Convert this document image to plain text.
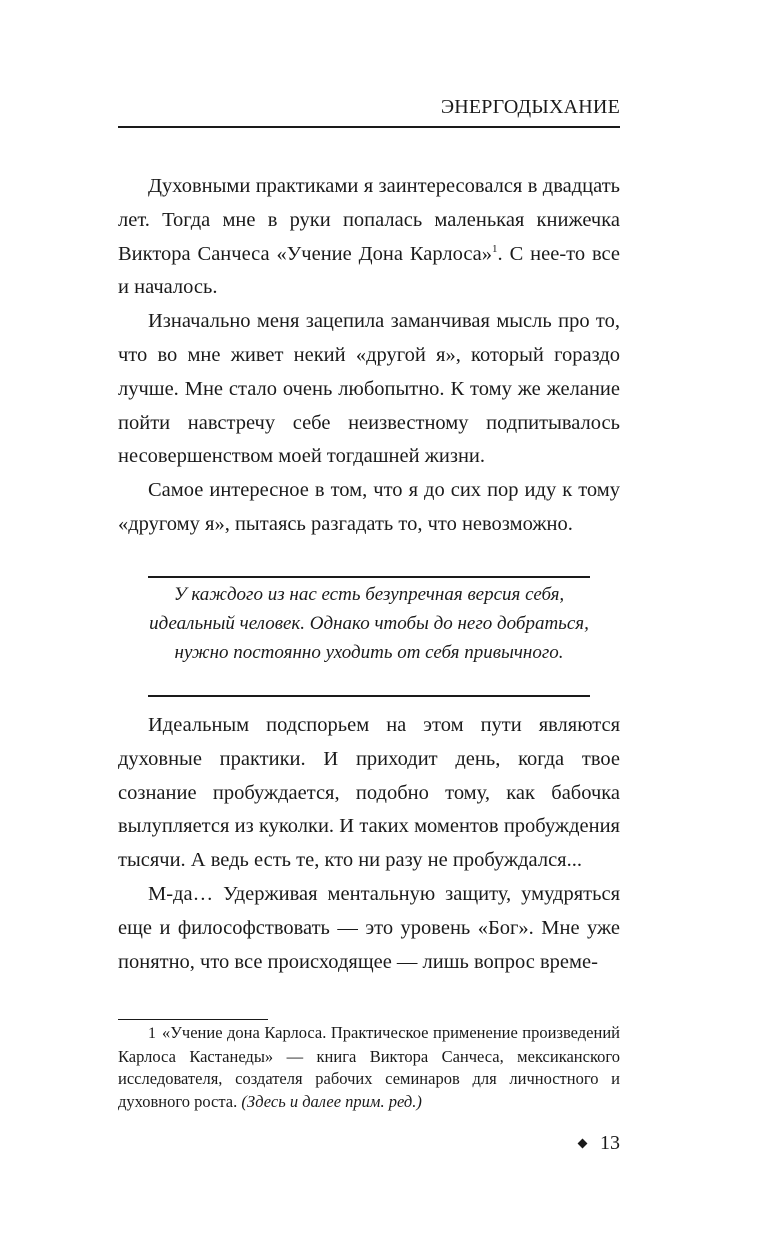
ЭНЕРГОДЫХАНИЕ

Духовными практиками я заинтересовался в двадцать лет. Тогда мне в руки попалась маленькая книжечка Виктора Санчеса «Учение Дона Карлоса»$^1$. С нее-то все и началось.

Изначально меня зацепила заманчивая мысль про то, что во мне живет некий «другой я», который гораздо лучше. Мне стало очень любопытно. К тому же желание пойти навстречу себе неизвестному подпитывалось несовершенством моей тогдашней жизни.

Самое интересное в том, что я до сих пор иду к тому «другому я», пытаясь разгадать то, что невозможно.

У каждого из нас есть безупречная версия себя, идеальный человек. Однако чтобы до него добраться, нужно постоянно уходить от себя привычного.

Идеальным подспорьем на этом пути являются духовные практики. И приходит день, когда твое сознание пробуждается, подобно тому, как бабочка вылупляется из куколки. И таких моментов пробуждения тысячи. А ведь есть те, кто ни разу не пробуждался...

М-да… Удерживая ментальную защиту, умудряться еще и философствовать — это уровень «Бог». Мне уже понятно, что все происходящее — лишь вопрос време-

1 «Учение дона Карлоса. Практическое применение произведений Карлоса Кастанеды» — книга Виктора Санчеса, мексиканского исследователя, создателя рабочих семинаров для личностного и духовного роста. (Здесь и далее прим. ред.)

13
